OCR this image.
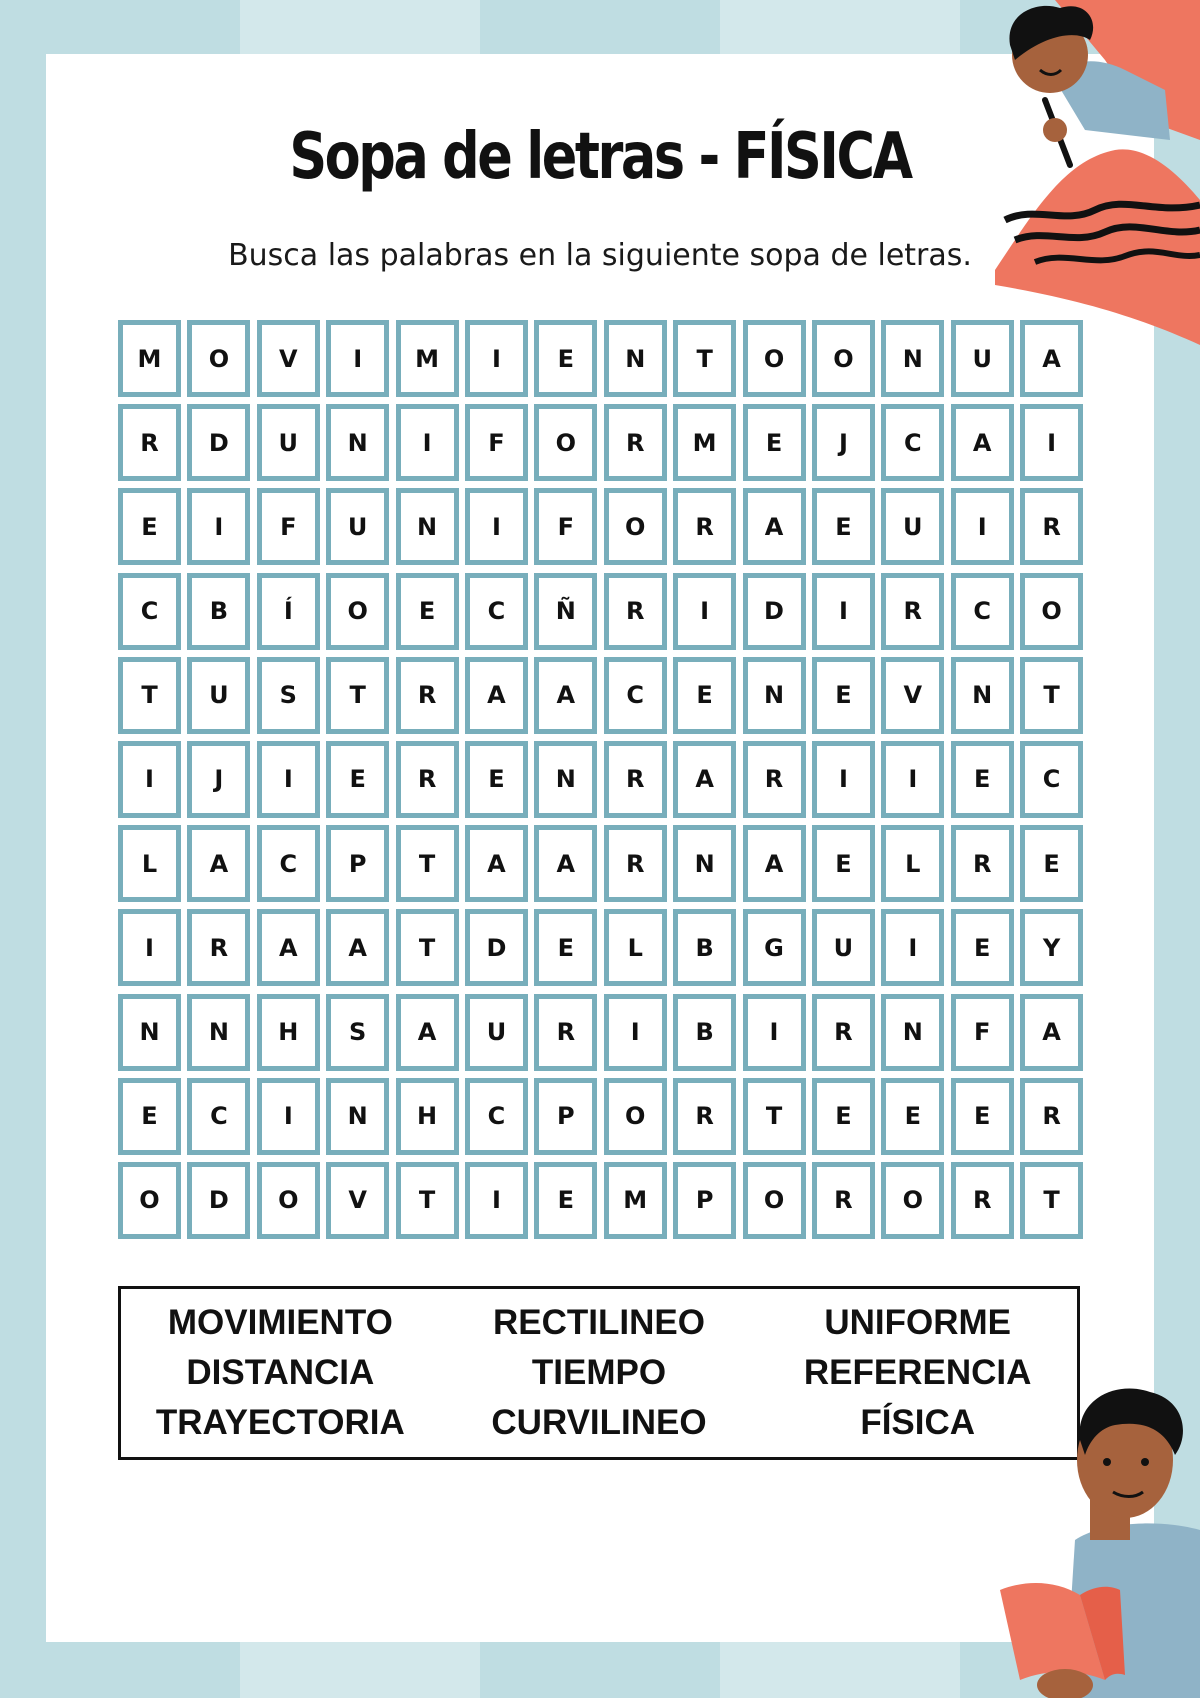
Sopa de letras - FÍSICA

Busca las palabras en la siguiente sopa de letras.

M	O	V	I	M	I	E	N	T	O	O	N	U	A
R	D	U	N	I	F	O	R	M	E	J	C	A	I
E	I	F	U	N	I	F	O	R	A	E	U	I	R
C	B	Í	O	E	C	Ñ	R	I	D	I	R	C	O
T	U	S	T	R	A	A	C	E	N	E	V	N	T
I	J	I	E	R	E	N	R	A	R	I	I	E	C
L	A	C	P	T	A	A	R	N	A	E	L	R	E
I	R	A	A	T	D	E	L	B	G	U	I	E	Y
N	N	H	S	A	U	R	I	B	I	R	N	F	A
E	C	I	N	H	C	P	O	R	T	E	E	E	R
O	D	O	V	T	I	E	M	P	O	R	O	R	T
MOVIMIENTO
DISTANCIA
TRAYECTORIA
RECTILINEO
TIEMPO
CURVILINEO
UNIFORME
REFERENCIA
FÍSICA
